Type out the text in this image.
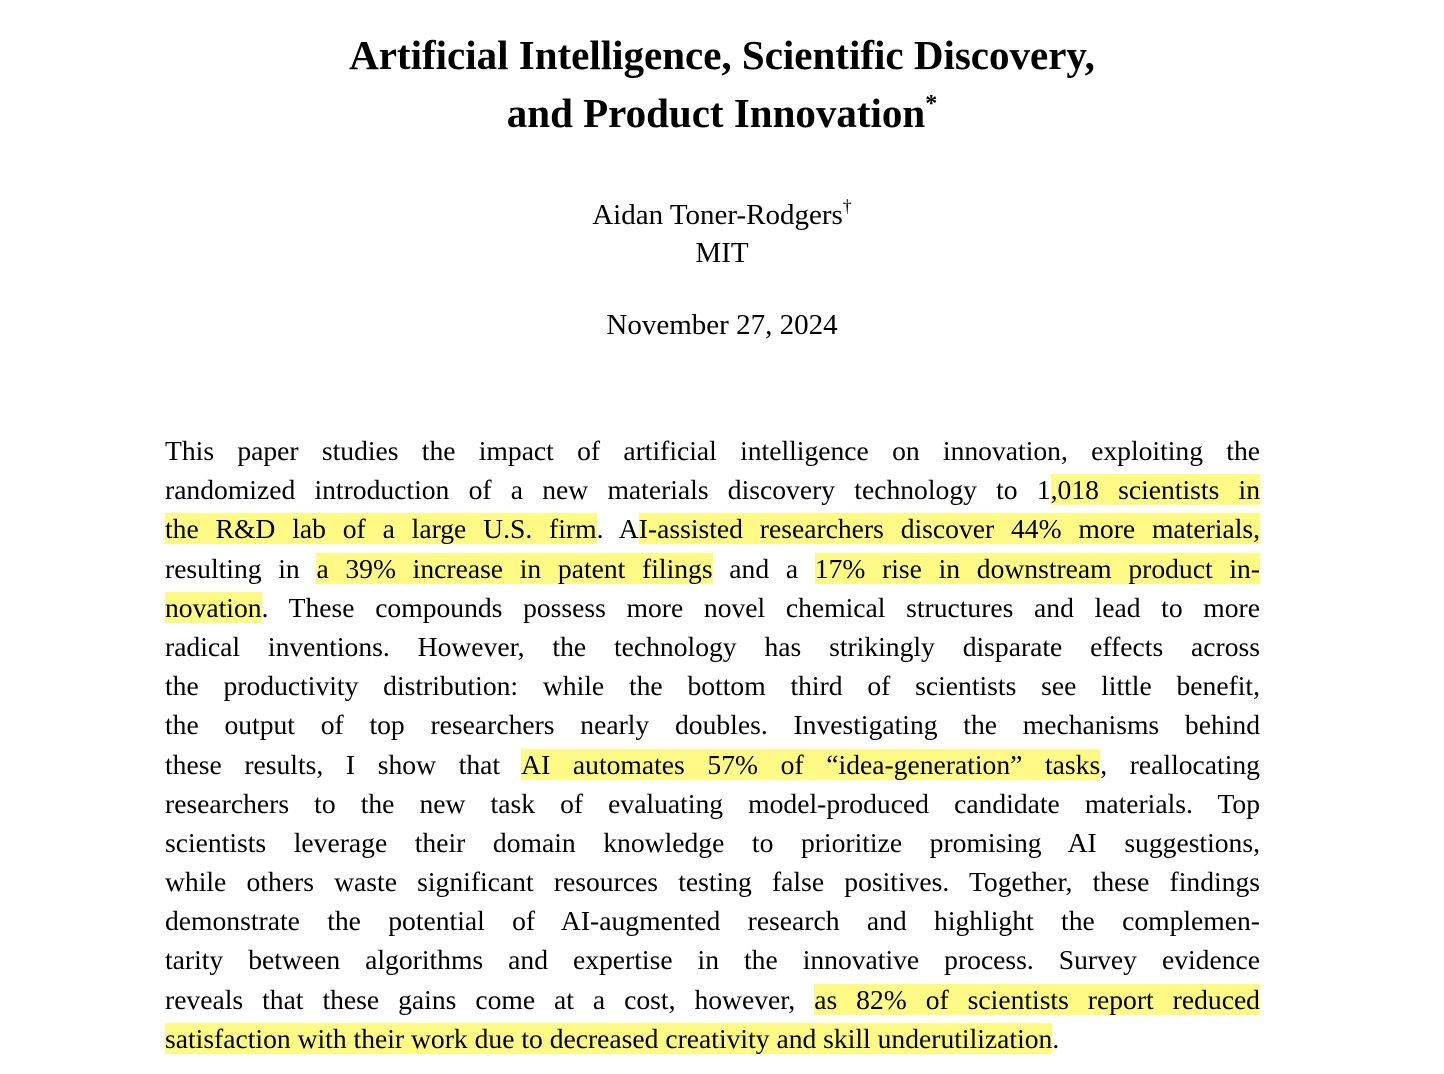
Artificial Intelligence, Scientific Discovery,

and Product Innovation*

Aidan Toner-Rodgers†
MIT
November 27, 2024
This paper studies the impact of artificial intelligence on innovation, exploiting the
randomized introduction of a new materials discovery technology to 1,018 scientists in
the R&D lab of a large U.S. firm. AI-assisted researchers discover 44% more materials,
resulting in a 39% increase in patent filings and a 17% rise in downstream product in-
novation. These compounds possess more novel chemical structures and lead to more
radical inventions. However, the technology has strikingly disparate effects across
the productivity distribution: while the bottom third of scientists see little benefit,
the output of top researchers nearly doubles. Investigating the mechanisms behind
these results, I show that AI automates 57% of “idea-generation” tasks, reallocating
researchers to the new task of evaluating model-produced candidate materials. Top
scientists leverage their domain knowledge to prioritize promising AI suggestions,
while others waste significant resources testing false positives. Together, these findings
demonstrate the potential of AI-augmented research and highlight the complemen-
tarity between algorithms and expertise in the innovative process. Survey evidence
reveals that these gains come at a cost, however, as 82% of scientists report reduced
satisfaction with their work due to decreased creativity and skill underutilization.
